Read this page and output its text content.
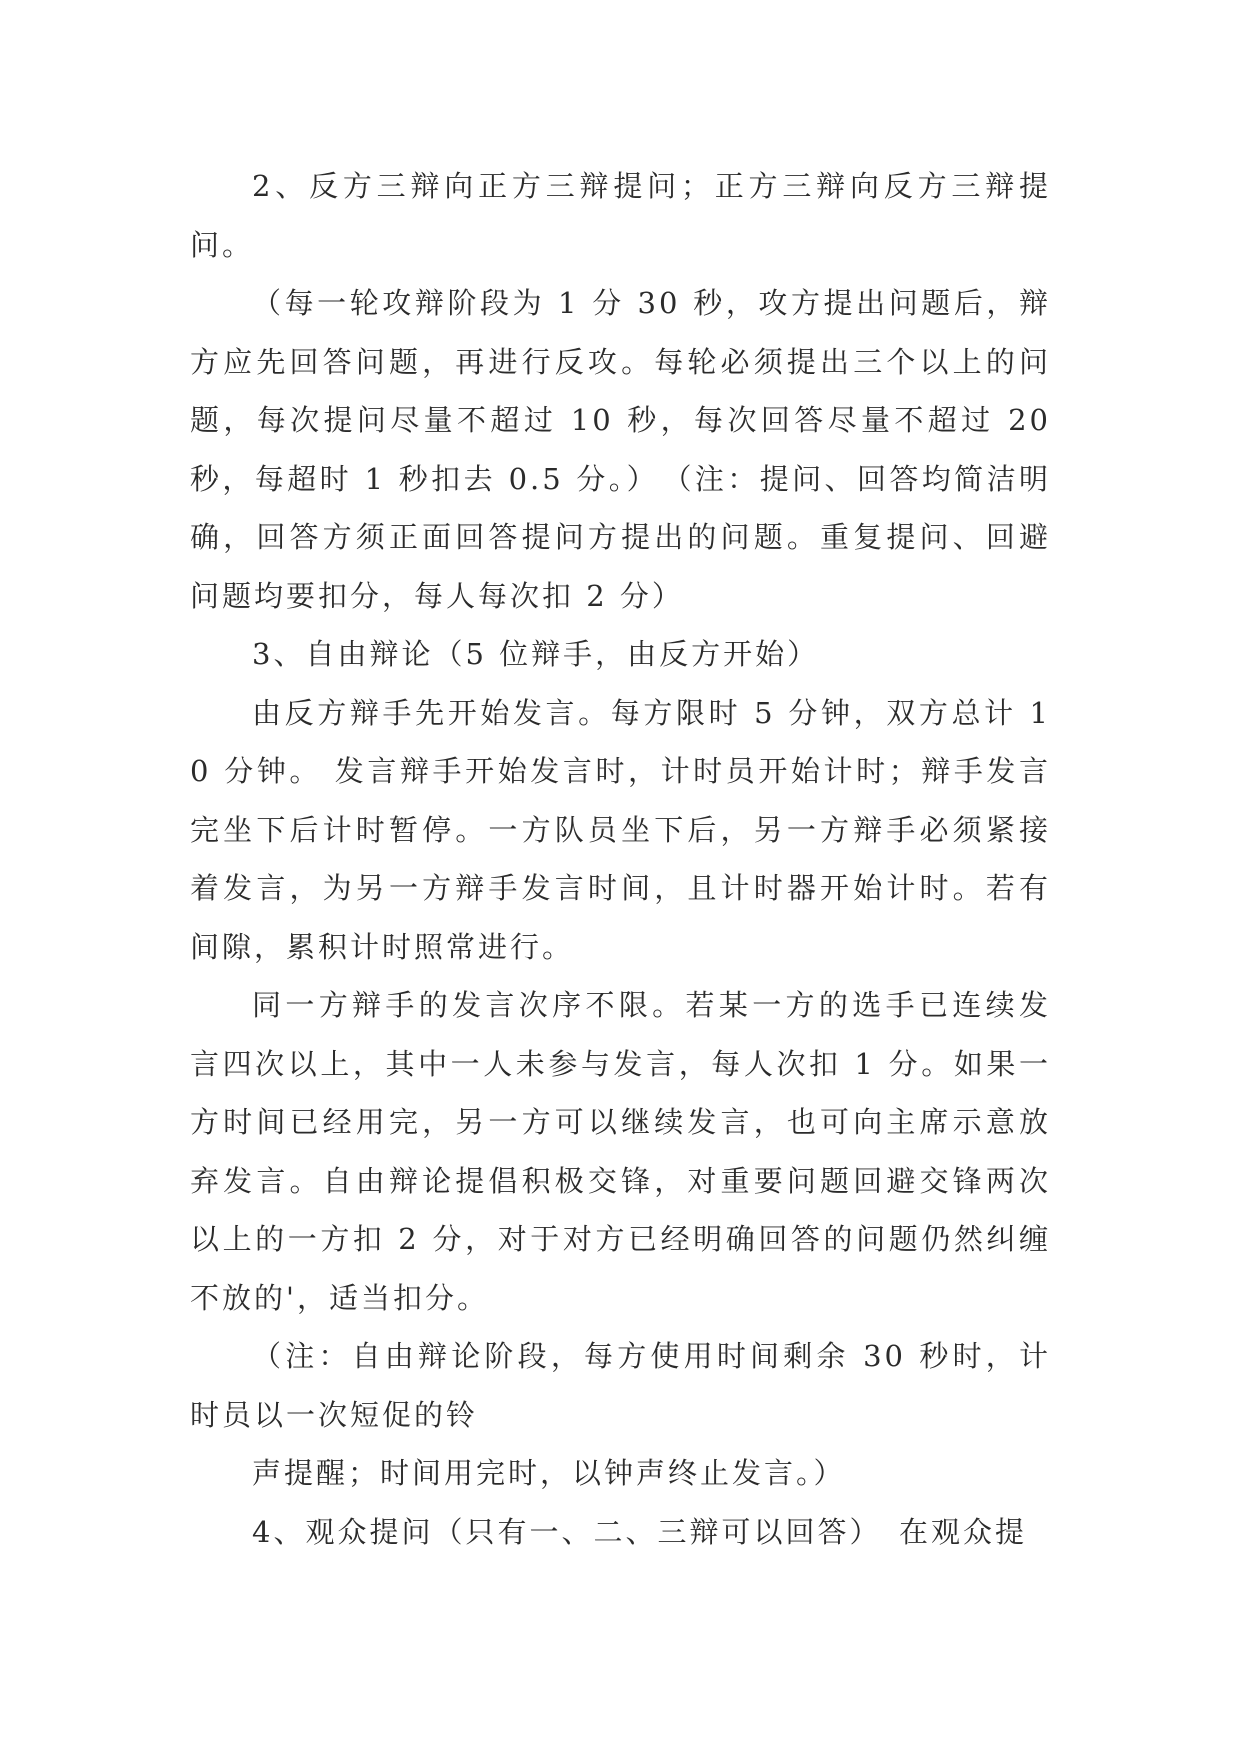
2、反方三辩向正方三辩提问；正方三辩向反方三辩提问。

（每一轮攻辩阶段为 1 分 30 秒，攻方提出问题后，辩方应先回答问题，再进行反攻。每轮必须提出三个以上的问题，每次提问尽量不超过 10 秒，每次回答尽量不超过 20 秒，每超时 1 秒扣去 0.5 分。）　（注：提问、回答均简洁明确，回答方须正面回答提问方提出的问题。重复提问、回避问题均要扣分，每人每次扣 2 分）

3、自由辩论（5 位辩手，由反方开始）

由反方辩手先开始发言。每方限时 5 分钟，双方总计 10 分钟。 发言辩手开始发言时，计时员开始计时；辩手发言完坐下后计时暂停。一方队员坐下后，另一方辩手必须紧接着发言，为另一方辩手发言时间，且计时器开始计时。若有间隙，累积计时照常进行。

同一方辩手的发言次序不限。若某一方的选手已连续发言四次以上，其中一人未参与发言，每人次扣 1 分。如果一方时间已经用完，另一方可以继续发言，也可向主席示意放弃发言。自由辩论提倡积极交锋，对重要问题回避交锋两次以上的一方扣 2 分，对于对方已经明确回答的问题仍然纠缠不放的'，适当扣分。

（注：自由辩论阶段，每方使用时间剩余 30 秒时，计时员以一次短促的铃

声提醒；时间用完时，以钟声终止发言。）

4、观众提问（只有一、二、三辩可以回答）　在观众提
